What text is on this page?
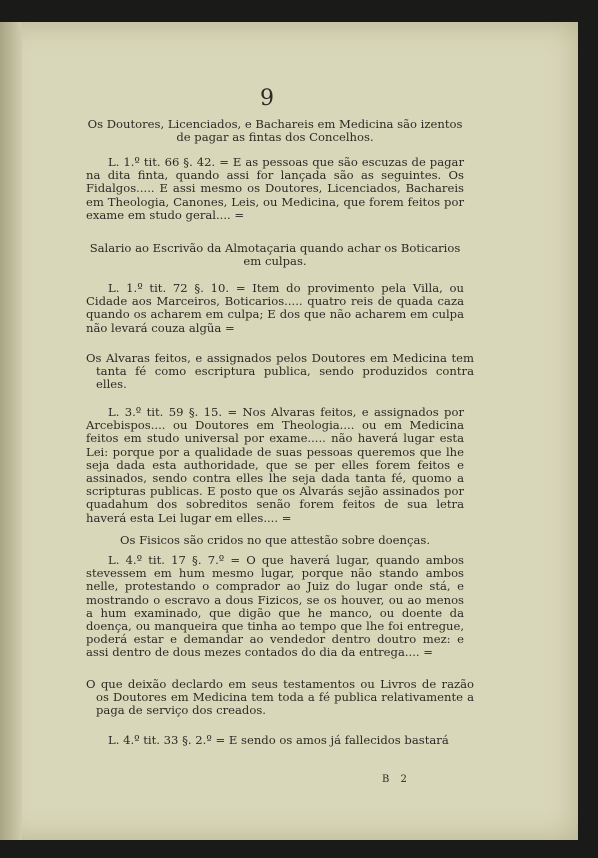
9
Os Doutores, Licenciados, e Bachareis em Medicina são izentos de pagar as fintas dos Concelhos.
L. 1.º tit. 66 §. 42. = E as pessoas que são escuzas de pagar na dita finta, quando assi for lançada são as seguintes. Os Fidalgos..... E assi mesmo os Doutores, Licenciados, Bachareis em Theologia, Canones, Leis, ou Medicina, que forem feitos por exame em studo geral.... =
Salario ao Escrivão da Almotaçaria quando achar os Boticarios em culpas.
L. 1.º tit. 72 §. 10. = Item do provimento pela Villa, ou Cidade aos Marceiros, Boticarios..... quatro reis de quada caza quando os acharem em culpa; E dos que não acharem em culpa não levará couza algũa =
Os Alvaras feitos, e assignados pelos Doutores em Medicina tem tanta fé como escriptura publica, sendo produzidos contra elles.
L. 3.º tit. 59 §. 15. = Nos Alvaras feitos, e assignados por Arcebispos.... ou Doutores em Theologia.... ou em Medicina feitos em studo universal por exame..... não haverá lugar esta Lei: porque por a qualidade de suas pessoas queremos que lhe seja dada esta authoridade, que se per elles forem feitos e assinados, sendo contra elles lhe seja dada tanta fé, quomo a scripturas publicas. E posto que os Alvarás sejão assinados por quadahum dos sobreditos senão forem feitos de sua letra haverá esta Lei lugar em elles.... =
Os Fisicos são cridos no que attestão sobre doenças.
L. 4.º tit. 17 §. 7.º = O que haverá lugar, quando ambos stevessem em hum mesmo lugar, porque não stando ambos nelle, protestando o comprador ao Juiz do lugar onde stá, e mostrando o escravo a dous Fizicos, se os houver, ou ao menos a hum examinado, que digão que he manco, ou doente da doença, ou manqueira que tinha ao tempo que lhe foi entregue, poderá estar e demandar ao vendedor dentro doutro mez: e assi dentro de dous mezes contados do dia da entrega.... =
O que deixão declardo em seus testamentos ou Livros de razão os Doutores em Medicina tem toda a fé publica relativamente a paga de serviço dos creados.
L. 4.º tit. 33 §. 2.º = E sendo os amos já fallecidos bastará
B 2
